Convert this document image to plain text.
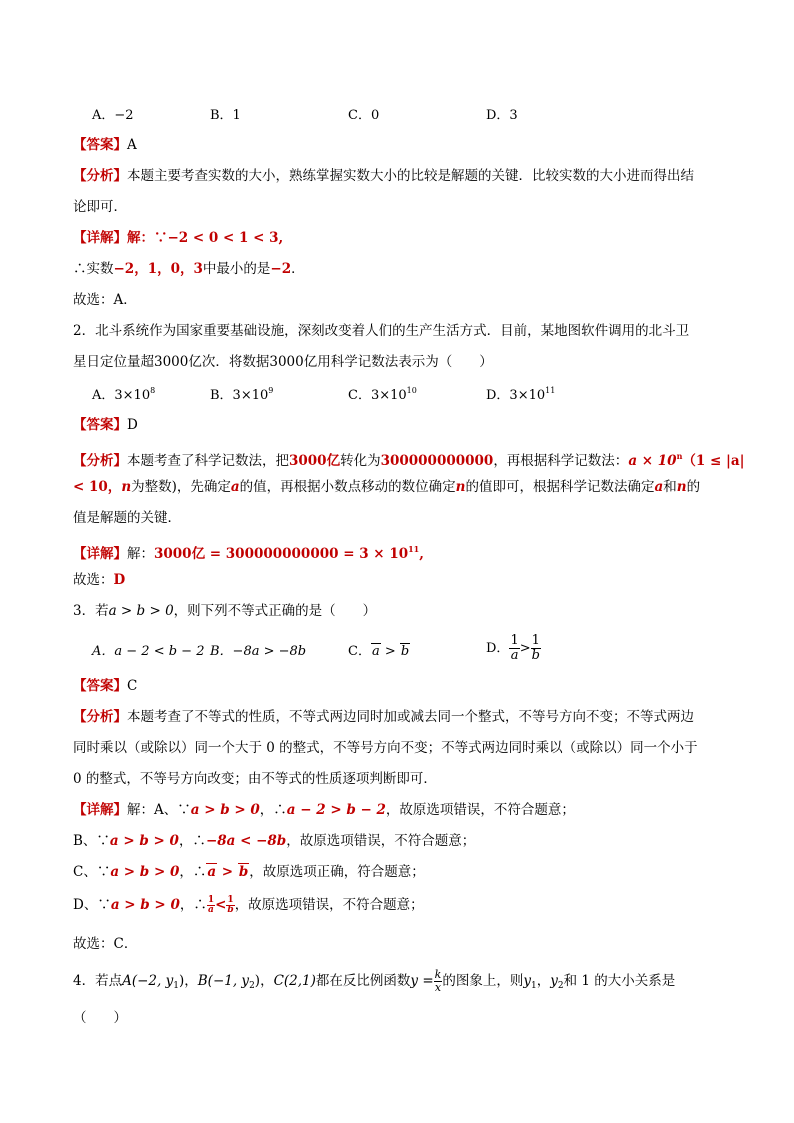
A．−2	B．1	C．0	D．3
【答案】A
【分析】本题主要考查实数的大小，熟练掌握实数大小的比较是解题的关键．比较实数的大小进而得出结
论即可．
【详解】解：∵−2 < 0 < 1 < 3,
∴实数−2，1，0，3中最小的是−2．
故选：A．
2．北斗系统作为国家重要基础设施，深刻改变着人们的生产生活方式．目前，某地图软件调用的北斗卫
星日定位量超3000亿次．将数据3000亿用科学记数法表示为（　　）
A．$3\times 10^8$	B．$3\times 10^9$	C．$3\times 10^{10}$	D．$3\times 10^{11}$
【答案】D
【分析】本题考查了科学记数法，把3000亿转化为300000000000，再根据科学记数法：$a \times 10^n(1 \le |a|$
< 10，n为整数)，先确定a的值，再根据小数点移动的数位确定n的值即可，根据科学记数法确定a和n的
值是解题的关键．
【详解】解：3000亿 = $300000000000 = 3 \times 10^{11}$,
故选：D
3．若a > b > 0，则下列不等式正确的是（　　）
A．a − 2 < b − 2 B．−8a > −8b	C．a > b	D． $\frac{1}{a} > \frac{1}{b}$
【答案】C
【分析】本题考查了不等式的性质，不等式两边同时加或减去同一个整式，不等号方向不变；不等式两边
同时乘以（或除以）同一个大于 0 的整式，不等号方向不变；不等式两边同时乘以（或除以）同一个小于
0 的整式，不等号方向改变；由不等式的性质逐项判断即可．
【详解】解：A、∵a > b > 0，∴a − 2 > b − 2，故原选项错误，不符合题意；
B、∵a > b > 0，∴−8a < −8b，故原选项错误，不符合题意；
C、∵a > b > 0，∴a > b，故原选项正确，符合题意；
D、∵a > b > 0，∴ $\frac{1}{a} < \frac{1}{b}$ ，故原选项错误，不符合题意；
故选：C．
4．若点A(−2, $y_1$)，B(−1, $y_2$)，C(2,1)都在反比例函数$y = \frac{k}{x}$ 的图象上，则$y_1$，$y_2$和 1 的大小关系是
（　　）
